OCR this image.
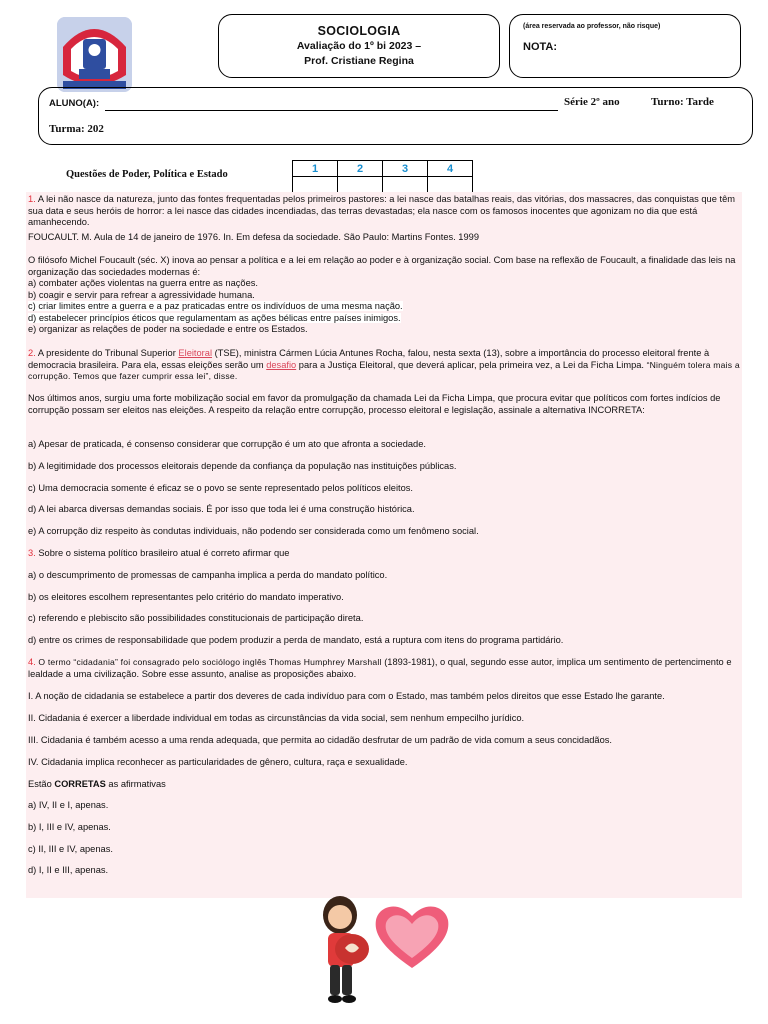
SOCIOLOGIA
Avaliação do 1º bi 2023 –
Prof. Cristiane Regina
(área reservada ao professor, não risque)
NOTA:
ALUNO(A):	Série 2º ano	Turno: Tarde
Turma: 202
Questões de Poder, Política e Estado	1	2	3	4

1. A lei não nasce da natureza, junto das fontes frequentadas pelos primeiros pastores: a lei nasce das batalhas reais, das vitórias, dos massacres, das conquistas que têm sua data e seus heróis de horror: a lei nasce das cidades incendiadas, das terras devastadas; ela nasce com os famosos inocentes que agonizam no dia que está amanhecendo.

FOUCAULT. M. Aula de 14 de janeiro de 1976. In. Em defesa da sociedade. São Paulo: Martins Fontes. 1999

O filósofo Michel Foucault (séc. X) inova ao pensar a política e a lei em relação ao poder e à organização social. Com base na reflexão de Foucault, a finalidade das leis na organização das sociedades modernas é:

a) combater ações violentas na guerra entre as nações.

b) coagir e servir para refrear a agressividade humana.

c) criar limites entre a guerra e a paz praticadas entre os indivíduos de uma mesma nação.

d) estabelecer princípios éticos que regulamentam as ações bélicas entre países inimigos.

e) organizar as relações de poder na sociedade e entre os Estados.

2. A presidente do Tribunal Superior Eleitoral (TSE), ministra Cármen Lúcia Antunes Rocha, falou, nesta sexta (13), sobre a importância do processo eleitoral frente à democracia brasileira. Para ela, essas eleições serão um desafio para a Justiça Eleitoral, que deverá aplicar, pela primeira vez, a Lei da Ficha Limpa. “Ninguém tolera mais a corrupção. Temos que fazer cumprir essa lei”, disse.

Nos últimos anos, surgiu uma forte mobilização social em favor da promulgação da chamada Lei da Ficha Limpa, que procura evitar que políticos com fortes indícios de corrupção possam ser eleitos nas eleições. A respeito da relação entre corrupção, processo eleitoral e legislação, assinale a alternativa INCORRETA:

a) Apesar de praticada, é consenso considerar que corrupção é um ato que afronta a sociedade.

b) A legitimidade dos processos eleitorais depende da confiança da população nas instituições públicas.

c) Uma democracia somente é eficaz se o povo se sente representado pelos políticos eleitos.

d) A lei abarca diversas demandas sociais. É por isso que toda lei é uma construção histórica.

e) A corrupção diz respeito às condutas individuais, não podendo ser considerada como um fenômeno social.

3. Sobre o sistema político brasileiro atual é correto afirmar que

a) o descumprimento de promessas de campanha implica a perda do mandato político.

b) os eleitores escolhem representantes pelo critério do mandato imperativo.

c) referendo e plebiscito são possibilidades constitucionais de participação direta.

d) entre os crimes de responsabilidade que podem produzir a perda de mandato, está a ruptura com itens do programa partidário.

4. O termo “cidadania” foi consagrado pelo sociólogo inglês Thomas Humphrey Marshall (1893-1981), o qual, segundo esse autor, implica um sentimento de pertencimento e lealdade a uma civilização. Sobre esse assunto, analise as proposições abaixo.

I. A noção de cidadania se estabelece a partir dos deveres de cada indivíduo para com o Estado, mas também pelos direitos que esse Estado lhe garante.

II. Cidadania é exercer a liberdade individual em todas as circunstâncias da vida social, sem nenhum empecilho jurídico.

III. Cidadania é também acesso a uma renda adequada, que permita ao cidadão desfrutar de um padrão de vida comum a seus concidadãos.

IV. Cidadania implica reconhecer as particularidades de gênero, cultura, raça e sexualidade.

Estão CORRETAS as afirmativas

a) IV, II e I, apenas.

b) I, III e IV, apenas.

c) II, III e IV, apenas.

d) I, II e III, apenas.
